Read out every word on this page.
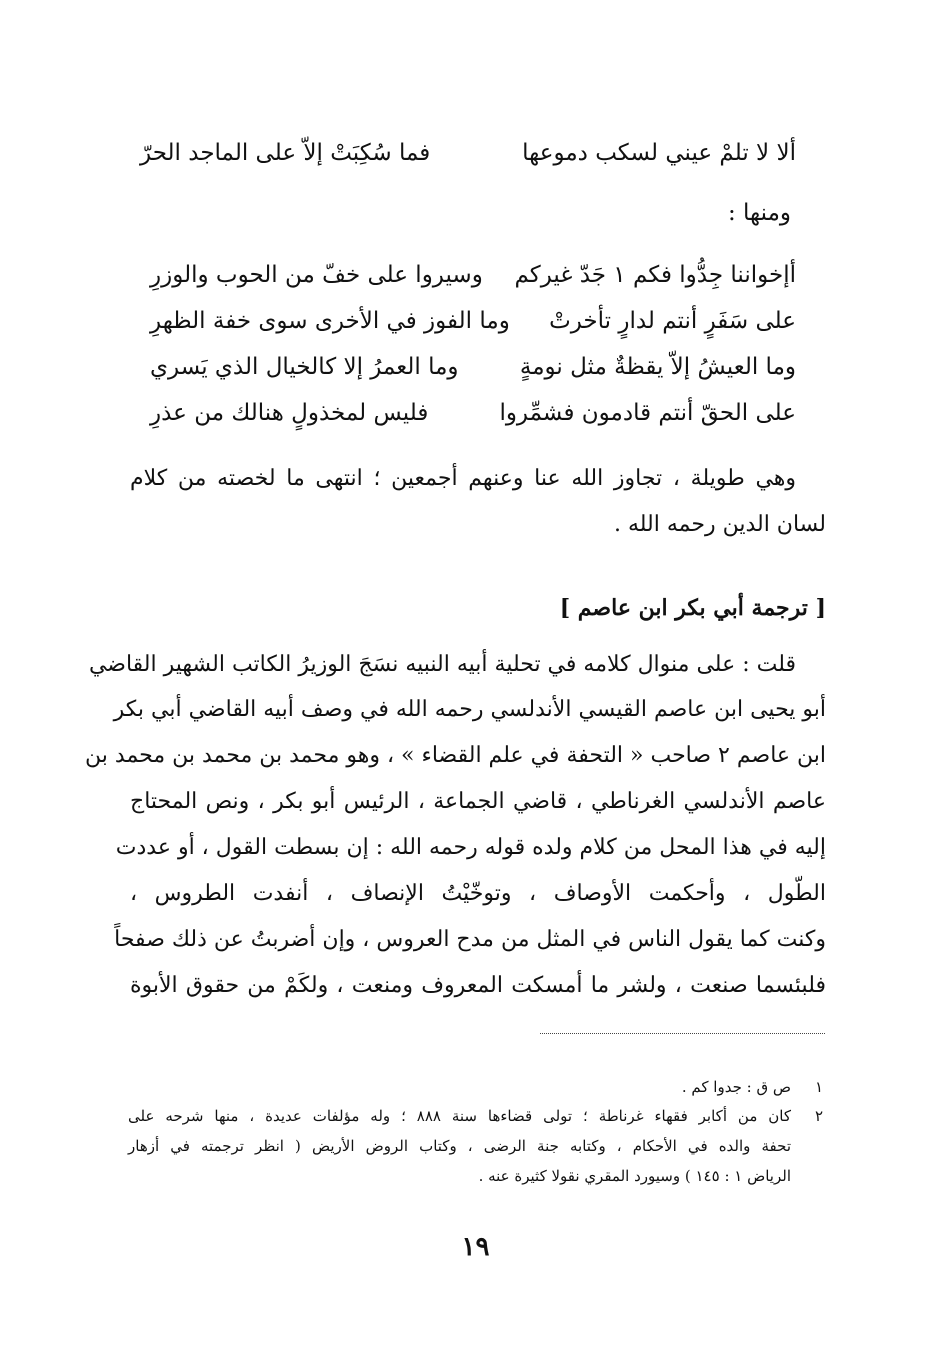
ألا لا تلمْ عيني لسكب دموعها
فما سُكِبَتْ إلاّ على الماجد الحرّ
ومنها :
أإخواننا جِدُّوا فكم ١ جَدّ غيركم
وسيروا على خفّ من الحوب والوزرِ
على سَفَرٍ أنتم لدارٍ تأخرتْ
وما الفوز في الأخرى سوى خفة الظهرِ
وما العيشُ إلاّ يقظةٌ مثل نومةٍ
وما العمرُ إلا كالخيال الذي يَسري
على الحقّ أنتم قادمون فشمِّروا
فليس لمخذولٍ هنالك من عذرِ
وهي طويلة ، تجاوز الله عنا وعنهم أجمعين ؛ انتهى ما لخصته من كلام
لسان الدين رحمه الله .
[ ترجمة أبي بكر ابن عاصم ]
قلت : على منوال كلامه في تحلية أبيه النبيه نسَجَ الوزيرُ الكاتب الشهير القاضي
أبو يحيى ابن عاصم القيسي الأندلسي رحمه الله في وصف أبيه القاضي أبي بكر
ابن عاصم ٢ صاحب « التحفة في علم القضاء » ، وهو محمد بن محمد بن محمد بن
عاصم الأندلسي الغرناطي ، قاضي الجماعة ، الرئيس أبو بكر ، ونص المحتاج
إليه في هذا المحل من كلام ولده قوله رحمه الله : إن بسطت القول ، أو عددت
الطّول ، وأحكمت الأوصاف ، وتوخّيْتُ الإنصاف ، أنفدت الطروس ،
وكنت كما يقول الناس في المثل من مدح العروس ، وإن أضربتُ عن ذلك صفحاً
فلبئسما صنعت ، ولشر ما أمسكت المعروف ومنعت ، ولكَمْ من حقوق الأبوة
١
ص ق : جدوا كم .
٢
كان من أكابر فقهاء غرناطة ؛ تولى قضاءها سنة ٨٨٨ ؛ وله مؤلفات عديدة ، منها شرحه على
تحفة والده في الأحكام ، وكتابه جنة الرضى ، وكتاب الروض الأريض ( انظر ترجمته في أزهار
الرياض ١ : ١٤٥ ) وسيورد المقري نقولا كثيرة عنه .
١٩
